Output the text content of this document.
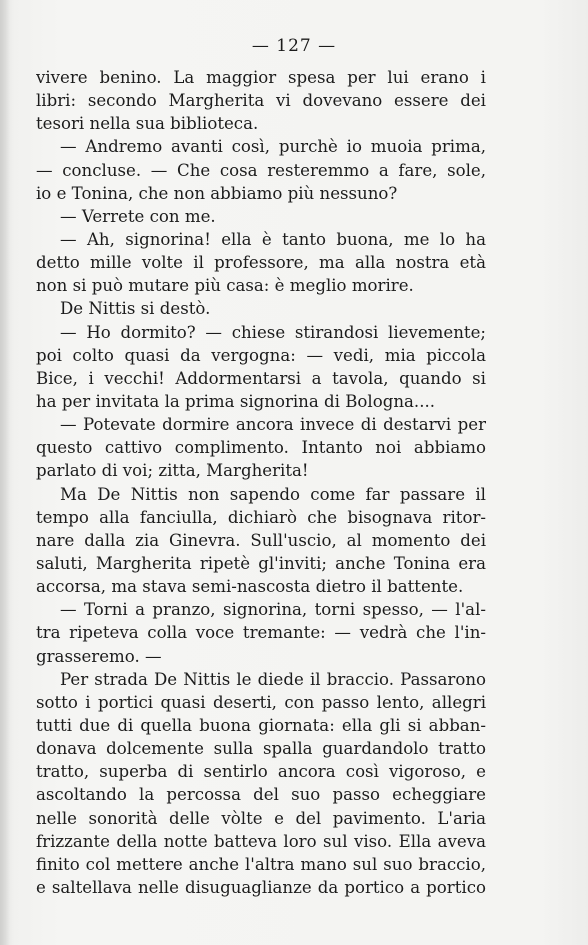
— 127 —
vivere benino. La maggior spesa per lui erano i
libri: secondo Margherita vi dovevano essere dei
tesori nella sua biblioteca.
— Andremo avanti così, purchè io muoia prima,
— concluse. — Che cosa resteremmo a fare, sole,
io e Tonina, che non abbiamo più nessuno?
— Verrete con me.
— Ah, signorina! ella è tanto buona, me lo ha
detto mille volte il professore, ma alla nostra età
non si può mutare più casa: è meglio morire.
De Nittis si destò.
— Ho dormito? — chiese stirandosi lievemente;
poi colto quasi da vergogna: — vedi, mia piccola
Bice, i vecchi! Addormentarsi a tavola, quando si
ha per invitata la prima signorina di Bologna....
— Potevate dormire ancora invece di destarvi per
questo cattivo complimento. Intanto noi abbiamo
parlato di voi; zitta, Margherita!
Ma De Nittis non sapendo come far passare il
tempo alla fanciulla, dichiarò che bisognava ritor-
nare dalla zia Ginevra. Sull'uscio, al momento dei
saluti, Margherita ripetè gl'inviti; anche Tonina era
accorsa, ma stava semi-nascosta dietro il battente.
— Torni a pranzo, signorina, torni spesso, — l'al-
tra ripeteva colla voce tremante: — vedrà che l'in-
grasseremo. —
Per strada De Nittis le diede il braccio. Passarono
sotto i portici quasi deserti, con passo lento, allegri
tutti due di quella buona giornata: ella gli si abban-
donava dolcemente sulla spalla guardandolo tratto
tratto, superba di sentirlo ancora così vigoroso, e
ascoltando la percossa del suo passo echeggiare
nelle sonorità delle vòlte e del pavimento. L'aria
frizzante della notte batteva loro sul viso. Ella aveva
finito col mettere anche l'altra mano sul suo braccio,
e saltellava nelle disuguaglianze da portico a portico
